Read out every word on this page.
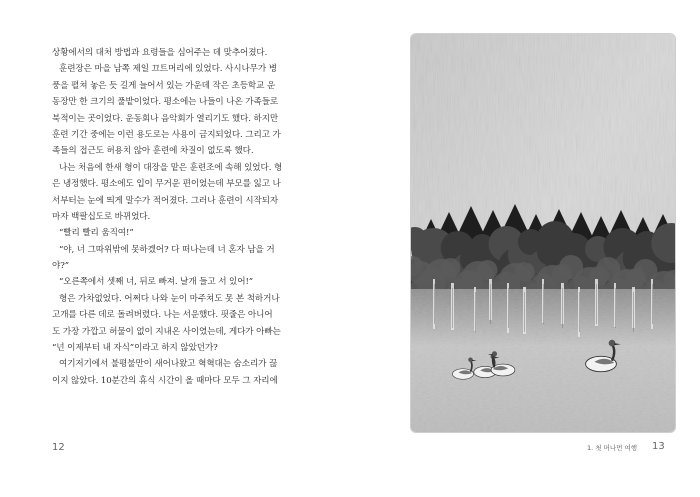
상황에서의 대처 방법과 요령들을 심어주는 데 맞추어졌다.
훈련장은 마을 남쪽 제일 끄트머리에 있었다. 사시나무가 병
풍을 펼쳐 놓은 듯 길게 늘어서 있는 가운데 작은 초등학교 운
동장만 한 크기의 풀밭이었다. 평소에는 나들이 나온 가족들로
북적이는 곳이었다. 운동회나 음악회가 열리기도 했다. 하지만
훈련 기간 중에는 이런 용도로는 사용이 금지되었다. 그리고 가
족들의 접근도 허용치 않아 훈련에 차질이 없도록 했다.
나는 처음에 한새 형이 대장을 맡은 훈련조에 속해 있었다. 형
은 냉정했다. 평소에도 입이 무거운 편이었는데 부모를 잃고 나
서부터는 눈에 띄게 말수가 적어졌다. 그러나 훈련이 시작되자
마자 백팔십도로 바뀌었다.
“빨리 빨리 움직여!”
“야, 너 그따위밖에 못하겠어? 다 떠나는데 너 혼자 남을 거
야?”
“오른쪽에서 셋째 너, 뒤로 빠져. 날개 들고 서 있어!”
형은 가차없었다. 어쩌다 나와 눈이 마주쳐도 못 본 척하거나
고개를 다른 데로 돌려버렸다. 나는 서운했다. 핏줄은 아니어
도 가장 가깝고 허물이 없이 지내온 사이였는데, 게다가 아빠는
“넌 이제부터 내 자식”이라고 하지 않았던가?
여기저기에서 불평불만이 새어나왔고 혁혁대는 숨소리가 끊
이지 않았다. 10분간의 휴식 시간이 올 때마다 모두 그 자리에
12	1. 첫 머나먼 여행 13
